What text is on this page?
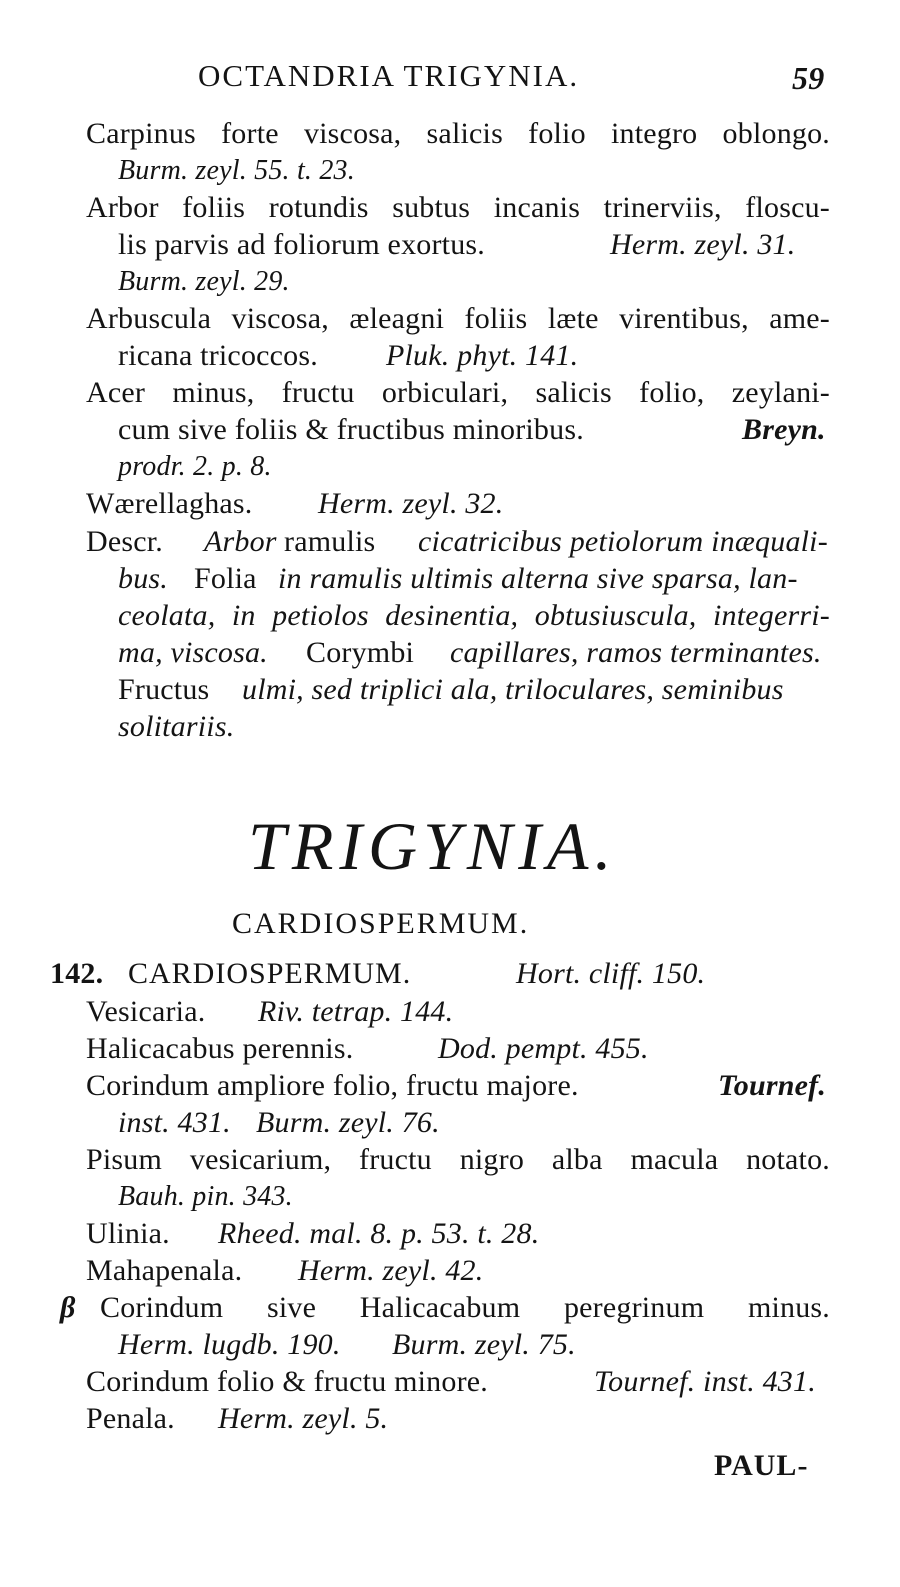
OCTANDRIA TRIGYNIA.	59
Carpinus forte viscosa, salicis folio integro oblongo.
Burm. zeyl. 55. t. 23.
Arbor foliis rotundis subtus incanis trinerviis, floscu-
lis parvis ad foliorum exortus.	Herm. zeyl. 31.
Burm. zeyl. 29.
Arbuscula viscosa, æleagni foliis læte virentibus, ame-
ricana tricoccos. Pluk. phyt. 141.
Acer minus, fructu orbiculari, salicis folio, zeylani-
cum sive foliis & fructibus minoribus.	Breyn.
prodr. 2. p. 8.
Wærellaghas. Herm. zeyl. 32.
Descr. Arbor ramulis cicatricibus petiolorum inæquali-
bus. Folia in ramulis ultimis alterna sive sparsa, lan-
ceolata, in petiolos desinentia, obtusiuscula, integerri-
ma, viscosa. Corymbi capillares, ramos terminantes.
Fructus ulmi, sed triplici ala, triloculares, seminibus
solitariis.
TRIGYNIA.
CARDIOSPERMUM.
142. CARDIOSPERMUM.	Hort. cliff. 150.
Vesicaria. Riv. tetrap. 144.
Halicacabus perennis.	Dod. pempt. 455.
Corindum ampliore folio, fructu majore.	Tournef.
inst. 431. Burm. zeyl. 76.
Pisum vesicarium, fructu nigro alba macula notato.
Bauh. pin. 343.
Ulinia. Rheed. mal. 8. p. 53. t. 28.
Mahapenala. Herm. zeyl. 42.
β Corindum sive Halicacabum peregrinum minus.
Herm. lugdb. 190. Burm. zeyl. 75.
Corindum folio & fructu minore.	Tournef. inst. 431.
Penala. Herm. zeyl. 5.
PAUL-
